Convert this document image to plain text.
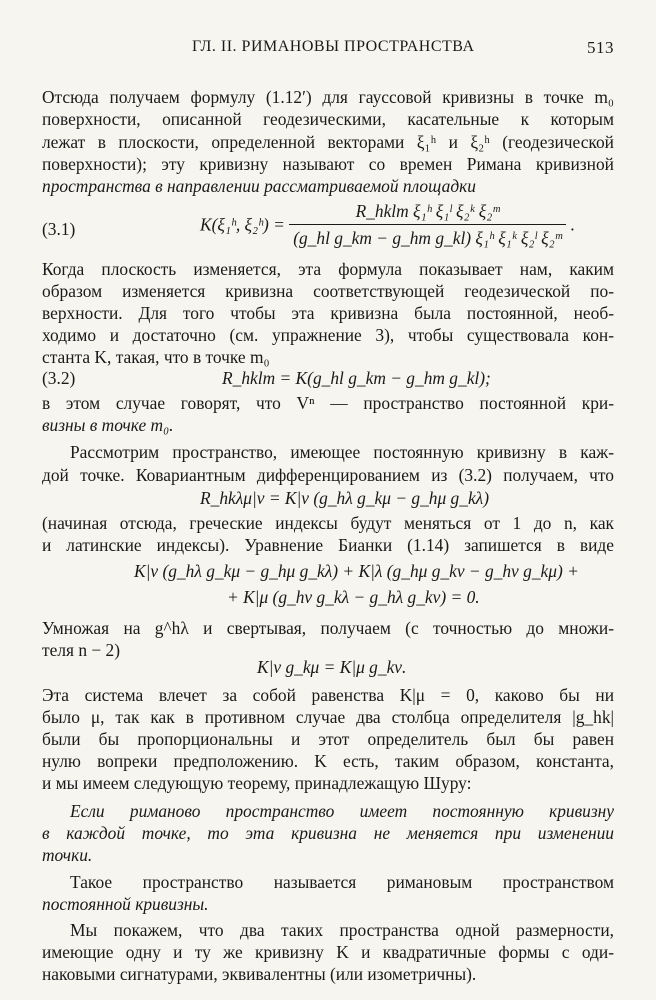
ГЛ. II. РИМАНОВЫ ПРОСТРАНСТВА	513
Отсюда получаем формулу (1.12′) для гауссовой кривизны в точке m₀
поверхности, описанной геодезическими, касательные к которым
лежат в плоскости, определенной векторами ξ₁ʰ и ξ₂ʰ (геодезической
поверхности); эту кривизну называют со времен Римана кривизной
пространства в направлении рассматриваемой площадки
(3.1)	K(ξ₁ʰ, ξ₂ʰ) = $\frac{\text{R\_hklm ξ₁ʰ ξ₁ˡ ξ₂ᵏ ξ₂ᵐ}}{\text{(g\_hl g\_km − g\_hm g\_kl) ξ₁ʰ ξ₁ᵏ ξ₂ˡ ξ₂ᵐ}}$ .
Когда плоскость изменяется, эта формула показывает нам, каким
образом изменяется кривизна соответствующей геодезической по-
верхности. Для того чтобы эта кривизна была постоянной, необ-
ходимо и достаточно (см. упражнение 3), чтобы существовала кон-
станта K, такая, что в точке m₀
(3.2)	R_hklm = K(g_hl g_km − g_hm g_kl);
в этом случае говорят, что Vⁿ — пространство постоянной кри-
визны в точке m₀.
Рассмотрим пространство, имеющее постоянную кривизну в каж-
дой точке. Ковариантным дифференцированием из (3.2) получаем, что
R_hkλμ|ν = K|ν (g_hλ g_kμ − g_hμ g_kλ)
(начиная отсюда, греческие индексы будут меняться от 1 до n, как
и латинские индексы). Уравнение Бианки (1.14) запишется в виде
K|ν (g_hλ g_kμ − g_hμ g_kλ) + K|λ (g_hμ g_kν − g_hν g_kμ) +
+ K|μ (g_hν g_kλ − g_hλ g_kν) = 0.
Умножая на g^hλ и свертывая, получаем (с точностью до множи-
теля n − 2)
K|ν g_kμ = K|μ g_kν.
Эта система влечет за собой равенства K|μ = 0, каково бы ни
было μ, так как в противном случае два столбца определителя |g_hk|
были бы пропорциональны и этот определитель был бы равен
нулю вопреки предположению. K есть, таким образом, константа,
и мы имеем следующую теорему, принадлежащую Шуру:
Если риманово пространство имеет постоянную кривизну
в каждой точке, то эта кривизна не меняется при изменении
точки.
Такое пространство называется римановым пространством
постоянной кривизны.
Мы покажем, что два таких пространства одной размерности,
имеющие одну и ту же кривизну K и квадратичные формы с оди-
наковыми сигнатурами, эквивалентны (или изометричны).
